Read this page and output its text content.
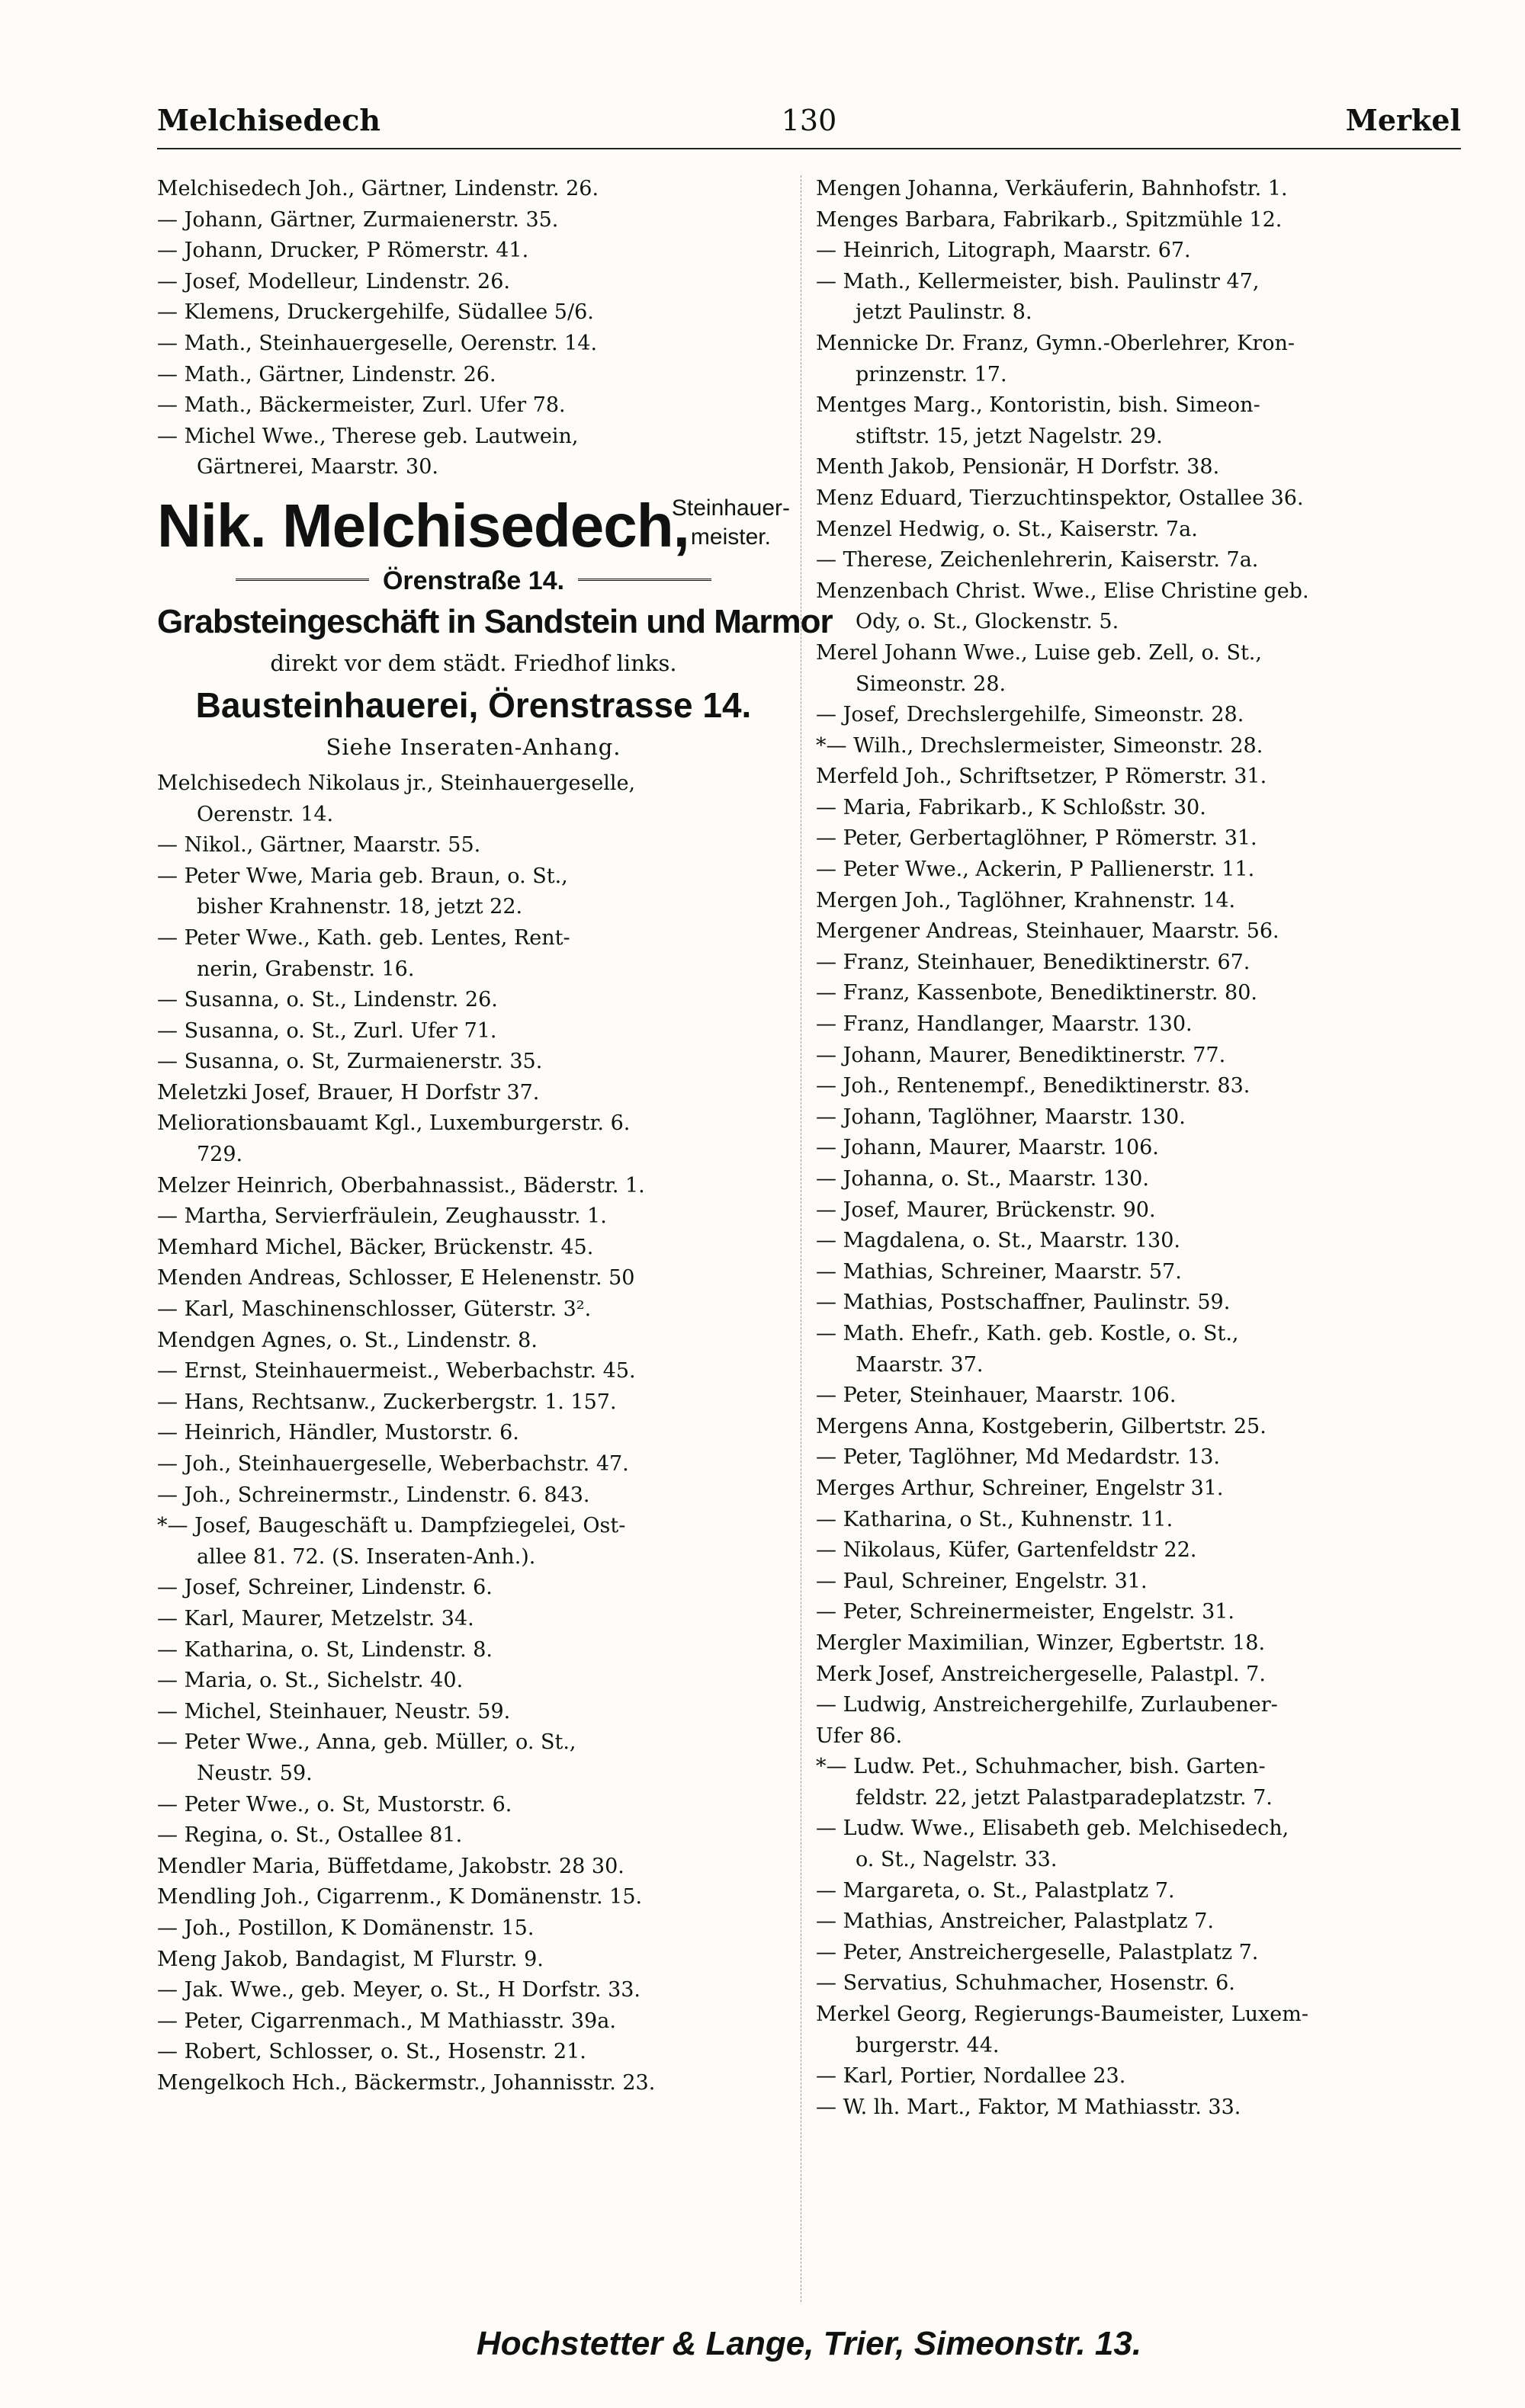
Melchisedech	130	Merkel
Melchisedech Joh., Gärtner, Lindenstr. 26.
— Johann, Gärtner, Zurmaienerstr. 35.
— Johann, Drucker, P Römerstr. 41.
— Josef, Modelleur, Lindenstr. 26.
— Klemens, Druckergehilfe, Südallee 5/6.
— Math., Steinhauergeselle, Oerenstr. 14.
— Math., Gärtner, Lindenstr. 26.
— Math., Bäckermeister, Zurl. Ufer 78.
— Michel Wwe., Therese geb. Lautwein,
Gärtnerei, Maarstr. 30.
Nik. Melchisedech,
Steinhauer-
meister.
Örenstraße 14.
Grabsteingeschäft in Sandstein und Marmor
direkt vor dem städt. Friedhof links.
Bausteinhauerei, Örenstrasse 14.
Siehe Inseraten-Anhang.
Melchisedech Nikolaus jr., Steinhauergeselle,
Oerenstr. 14.
— Nikol., Gärtner, Maarstr. 55.
— Peter Wwe, Maria geb. Braun, o. St.,
bisher Krahnenstr. 18, jetzt 22.
— Peter Wwe., Kath. geb. Lentes, Rent-
nerin, Grabenstr. 16.
— Susanna, o. St., Lindenstr. 26.
— Susanna, o. St., Zurl. Ufer 71.
— Susanna, o. St, Zurmaienerstr. 35.
Meletzki Josef, Brauer, H Dorfstr 37.
Meliorationsbauamt Kgl., Luxemburgerstr. 6.
729.
Melzer Heinrich, Oberbahnassist., Bäderstr. 1.
— Martha, Servierfräulein, Zeughausstr. 1.
Memhard Michel, Bäcker, Brückenstr. 45.
Menden Andreas, Schlosser, E Helenenstr. 50
— Karl, Maschinenschlosser, Güterstr. 3².
Mendgen Agnes, o. St., Lindenstr. 8.
— Ernst, Steinhauermeist., Weberbachstr. 45.
— Hans, Rechtsanw., Zuckerbergstr. 1. 157.
— Heinrich, Händler, Mustorstr. 6.
— Joh., Steinhauergeselle, Weberbachstr. 47.
— Joh., Schreinermstr., Lindenstr. 6. 843.
*— Josef, Baugeschäft u. Dampfziegelei, Ost-
allee 81. 72. (S. Inseraten-Anh.).
— Josef, Schreiner, Lindenstr. 6.
— Karl, Maurer, Metzelstr. 34.
— Katharina, o. St, Lindenstr. 8.
— Maria, o. St., Sichelstr. 40.
— Michel, Steinhauer, Neustr. 59.
— Peter Wwe., Anna, geb. Müller, o. St.,
Neustr. 59.
— Peter Wwe., o. St, Mustorstr. 6.
— Regina, o. St., Ostallee 81.
Mendler Maria, Büffetdame, Jakobstr. 28 30.
Mendling Joh., Cigarrenm., K Domänenstr. 15.
— Joh., Postillon, K Domänenstr. 15.
Meng Jakob, Bandagist, M Flurstr. 9.
— Jak. Wwe., geb. Meyer, o. St., H Dorfstr. 33.
— Peter, Cigarrenmach., M Mathiasstr. 39a.
— Robert, Schlosser, o. St., Hosenstr. 21.
Mengelkoch Hch., Bäckermstr., Johannisstr. 23.
Mengen Johanna, Verkäuferin, Bahnhofstr. 1.
Menges Barbara, Fabrikarb., Spitzmühle 12.
— Heinrich, Litograph, Maarstr. 67.
— Math., Kellermeister, bish. Paulinstr 47,
jetzt Paulinstr. 8.
Mennicke Dr. Franz, Gymn.-Oberlehrer, Kron-
prinzenstr. 17.
Mentges Marg., Kontoristin, bish. Simeon-
stiftstr. 15, jetzt Nagelstr. 29.
Menth Jakob, Pensionär, H Dorfstr. 38.
Menz Eduard, Tierzuchtinspektor, Ostallee 36.
Menzel Hedwig, o. St., Kaiserstr. 7a.
— Therese, Zeichenlehrerin, Kaiserstr. 7a.
Menzenbach Christ. Wwe., Elise Christine geb.
Ody, o. St., Glockenstr. 5.
Merel Johann Wwe., Luise geb. Zell, o. St.,
Simeonstr. 28.
— Josef, Drechslergehilfe, Simeonstr. 28.
*— Wilh., Drechslermeister, Simeonstr. 28.
Merfeld Joh., Schriftsetzer, P Römerstr. 31.
— Maria, Fabrikarb., K Schloßstr. 30.
— Peter, Gerbertaglöhner, P Römerstr. 31.
— Peter Wwe., Ackerin, P Pallienerstr. 11.
Mergen Joh., Taglöhner, Krahnenstr. 14.
Mergener Andreas, Steinhauer, Maarstr. 56.
— Franz, Steinhauer, Benediktinerstr. 67.
— Franz, Kassenbote, Benediktinerstr. 80.
— Franz, Handlanger, Maarstr. 130.
— Johann, Maurer, Benediktinerstr. 77.
— Joh., Rentenempf., Benediktinerstr. 83.
— Johann, Taglöhner, Maarstr. 130.
— Johann, Maurer, Maarstr. 106.
— Johanna, o. St., Maarstr. 130.
— Josef, Maurer, Brückenstr. 90.
— Magdalena, o. St., Maarstr. 130.
— Mathias, Schreiner, Maarstr. 57.
— Mathias, Postschaffner, Paulinstr. 59.
— Math. Ehefr., Kath. geb. Kostle, o. St.,
Maarstr. 37.
— Peter, Steinhauer, Maarstr. 106.
Mergens Anna, Kostgeberin, Gilbertstr. 25.
— Peter, Taglöhner, Md Medardstr. 13.
Merges Arthur, Schreiner, Engelstr 31.
— Katharina, o St., Kuhnenstr. 11.
— Nikolaus, Küfer, Gartenfeldstr 22.
— Paul, Schreiner, Engelstr. 31.
— Peter, Schreinermeister, Engelstr. 31.
Mergler Maximilian, Winzer, Egbertstr. 18.
Merk Josef, Anstreichergeselle, Palastpl. 7.
— Ludwig, Anstreichergehilfe, Zurlaubener-
Ufer 86.
*— Ludw. Pet., Schuhmacher, bish. Garten-
feldstr. 22, jetzt Palastparadeplatzstr. 7.
— Ludw. Wwe., Elisabeth geb. Melchisedech,
o. St., Nagelstr. 33.
— Margareta, o. St., Palastplatz 7.
— Mathias, Anstreicher, Palastplatz 7.
— Peter, Anstreichergeselle, Palastplatz 7.
— Servatius, Schuhmacher, Hosenstr. 6.
Merkel Georg, Regierungs-Baumeister, Luxem-
burgerstr. 44.
— Karl, Portier, Nordallee 23.
— W. lh. Mart., Faktor, M Mathiasstr. 33.
Hochstetter & Lange, Trier, Simeonstr. 13.
